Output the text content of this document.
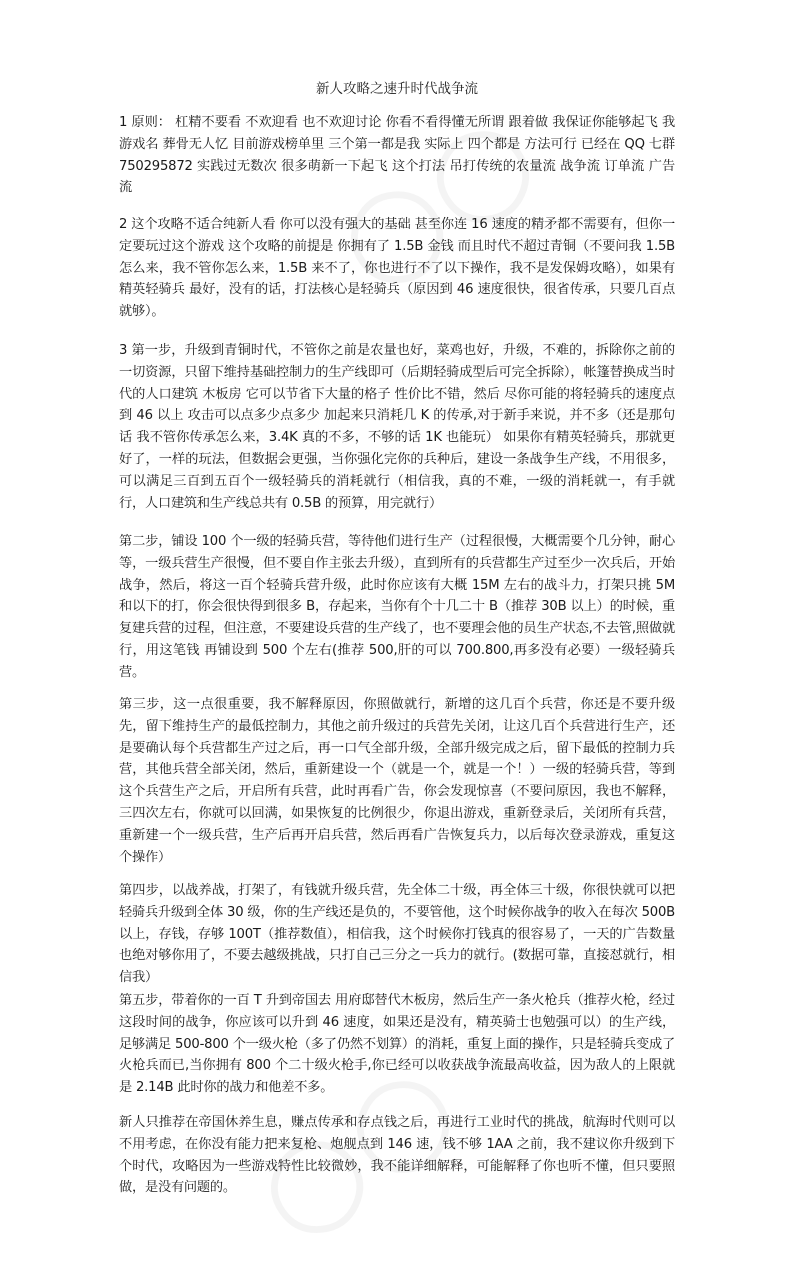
新人攻略之速升时代战争流

1 原则： 杠精不要看 不欢迎看 也不欢迎讨论 你看不看得懂无所谓 跟着做 我保证你能够起飞 我游戏名 葬骨无人忆 目前游戏榜单里 三个第一都是我 实际上 四个都是 方法可行 已经在 QQ 七群 750295872 实践过无数次 很多萌新一下起飞 这个打法 吊打传统的农量流 战争流 订单流 广告流

2 这个攻略不适合纯新人看 你可以没有强大的基础 甚至你连 16 速度的精矛都不需要有，但你一定要玩过这个游戏 这个攻略的前提是 你拥有了 1.5B 金钱 而且时代不超过青铜（不要问我 1.5B 怎么来，我不管你怎么来，1.5B 来不了，你也进行不了以下操作，我不是发保姆攻略），如果有精英轻骑兵 最好，没有的话，打法核心是轻骑兵（原因到 46 速度很快，很省传承，只要几百点就够）。

3 第一步，升级到青铜时代，不管你之前是农量也好，菜鸡也好，升级，不难的，拆除你之前的一切资源，只留下维持基础控制力的生产线即可（后期轻骑成型后可完全拆除），帐篷替换成当时代的人口建筑 木板房 它可以节省下大量的格子 性价比不错，然后 尽你可能的将轻骑兵的速度点到 46 以上 攻击可以点多少点多少 加起来只消耗几 K 的传承,对于新手来说，并不多（还是那句话 我不管你传承怎么来，3.4K 真的不多，不够的话 1K 也能玩） 如果你有精英轻骑兵，那就更好了，一样的玩法，但数据会更强，当你强化完你的兵种后，建设一条战争生产线，不用很多，可以满足三百到五百个一级轻骑兵的消耗就行（相信我，真的不难，一级的消耗就一，有手就行，人口建筑和生产线总共有 0.5B 的预算，用完就行）

第二步，铺设 100 个一级的轻骑兵营，等待他们进行生产（过程很慢，大概需要个几分钟，耐心等，一级兵营生产很慢，但不要自作主张去升级），直到所有的兵营都生产过至少一次兵后，开始战争，然后，将这一百个轻骑兵营升级，此时你应该有大概 15M 左右的战斗力，打架只挑 5M 和以下的打，你会很快得到很多 B，存起来，当你有个十几二十 B（推荐 30B 以上）的时候，重复建兵营的过程，但注意，不要建设兵营的生产线了，也不要理会他的员生产状态,不去管,照做就行，用这笔钱 再铺设到 500 个左右(推荐 500,肝的可以 700.800,再多没有必要）一级轻骑兵营。

第三步，这一点很重要，我不解释原因，你照做就行，新增的这几百个兵营，你还是不要升级先，留下维持生产的最低控制力，其他之前升级过的兵营先关闭，让这几百个兵营进行生产，还是要确认每个兵营都生产过之后，再一口气全部升级，全部升级完成之后，留下最低的控制力兵营，其他兵营全部关闭，然后，重新建设一个（就是一个，就是一个！）一级的轻骑兵营，等到这个兵营生产之后，开启所有兵营，此时再看广告，你会发现惊喜（不要问原因，我也不解释，三四次左右，你就可以回满，如果恢复的比例很少，你退出游戏，重新登录后，关闭所有兵营，重新建一个一级兵营，生产后再开启兵营，然后再看广告恢复兵力，以后每次登录游戏，重复这个操作）

第四步，以战养战，打架了，有钱就升级兵营，先全体二十级，再全体三十级，你很快就可以把轻骑兵升级到全体 30 级，你的生产线还是负的，不要管他，这个时候你战争的收入在每次 500B 以上，存钱，存够 100T（推荐数值），相信我，这个时候你打钱真的很容易了，一天的广告数量也绝对够你用了，不要去越级挑战，只打自己三分之一兵力的就行。(数据可靠，直接怼就行，相信我）

第五步，带着你的一百 T 升到帝国去 用府邸替代木板房，然后生产一条火枪兵（推荐火枪，经过这段时间的战争，你应该可以升到 46 速度，如果还是没有，精英骑士也勉强可以）的生产线，足够满足 500-800 个一级火枪（多了仍然不划算）的消耗，重复上面的操作，只是轻骑兵变成了火枪兵而已,当你拥有 800 个二十级火枪手,你已经可以收获战争流最高收益，因为敌人的上限就是 2.14B 此时你的战力和他差不多。

新人只推荐在帝国休养生息，赚点传承和存点钱之后，再进行工业时代的挑战，航海时代则可以不用考虑，在你没有能力把来复枪、炮舰点到 146 速，钱不够 1AA 之前，我不建议你升级到下个时代，攻略因为一些游戏特性比较微妙，我不能详细解释，可能解释了你也听不懂，但只要照做，是没有问题的。
